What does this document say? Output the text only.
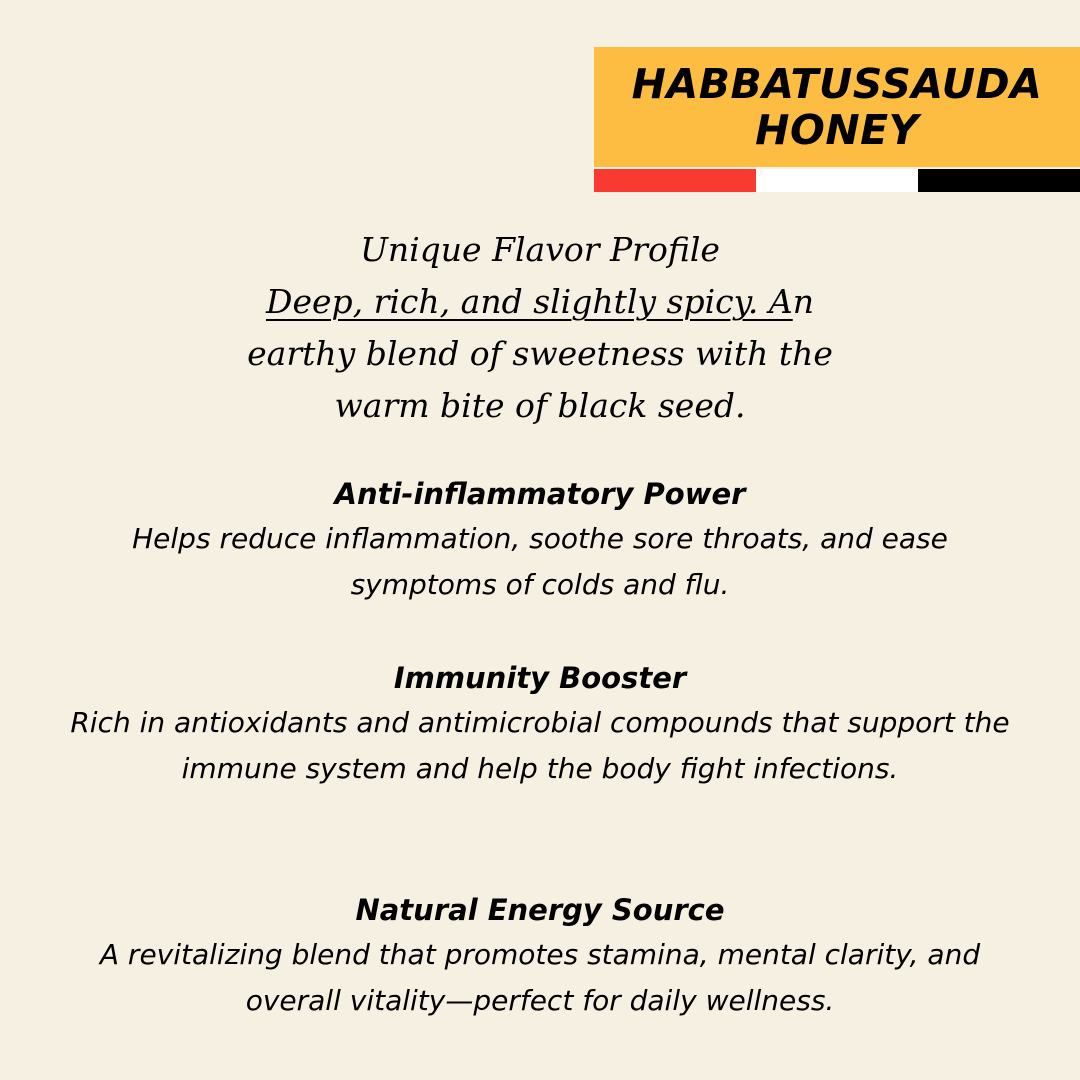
HABBATUSSAUDA
HONEY
Unique Flavor Profile
Deep, rich, and slightly spicy. An earthy blend of sweetness with the warm bite of black seed.
Anti-inflammatory Power

Helps reduce inflammation, soothe sore throats, and ease symptoms of colds and flu.

Immunity Booster

Rich in antioxidants and antimicrobial compounds that support the immune system and help the body fight infections.

Natural Energy Source

A revitalizing blend that promotes stamina, mental clarity, and overall vitality—perfect for daily wellness.
